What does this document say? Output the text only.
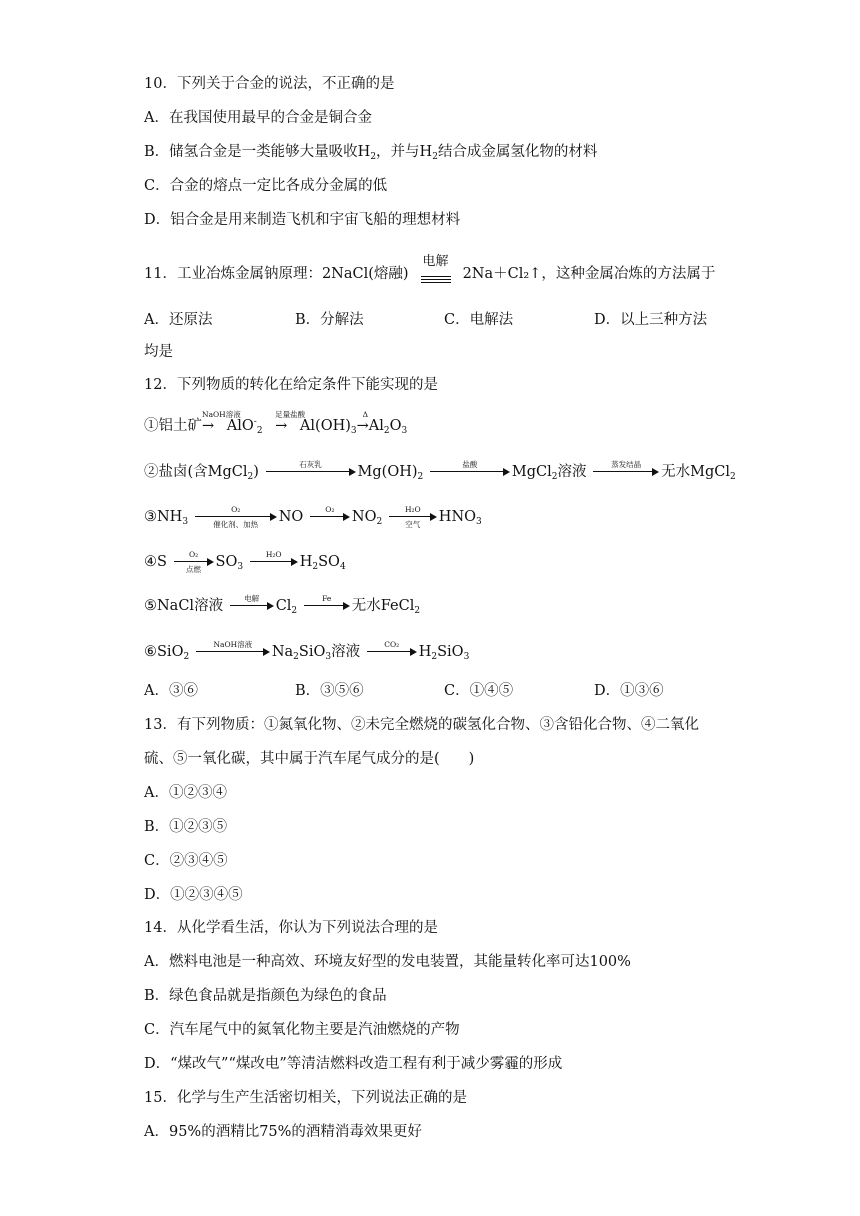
10．下列关于合金的说法，不正确的是
A．在我国使用最早的合金是铜合金
B．储氢合金是一类能够大量吸收$H_2$，并与$H_2$结合成金属氢化物的材料
C．合金的熔点一定比各成分金属的低
D．铝合金是用来制造飞机和宇宙飞船的理想材料
11．工业冶炼金属钠原理：2NaCl(熔融)
电解
2Na＋Cl₂↑，这种金属冶炼的方法属于
A．还原法	B．分解法	C．电解法	D．以上三种方法
均是
12．下列物质的转化在给定条件下能实现的是
①铝土矿
NaOH溶液
→ AlO-$_2$
足量盐酸
→ $Al(OH)_3$
Δ
$\to Al_2O_3$
②盐卤(含MgCl$_2$)	石灰乳	$Mg(OH)_2$
盐酸	MgCl$_2$溶液	蒸发结晶	无水MgCl$_2$
$③NH_3$
O₂
催化剂、加热	NO	O₂	$NO_2$
H₂O
空气	$HNO_3$
④S	O₂
点燃	$SO_3$
H₂O	$H_2SO_4$
⑤NaCl溶液	电解	$Cl_2$
Fe	无水FeCl$_2$
⑥SiO$_2$
NaOH溶液	$Na_2SiO_3$溶液	CO₂	$H_2SiO_3$
A．③⑥	B．③⑤⑥	C．①④⑤	D．①③⑥
13．有下列物质：①氮氧化物、②未完全燃烧的碳氢化合物、③含铅化合物、④二氧化
硫、⑤一氧化碳，其中属于汽车尾气成分的是(　　)
A．①②③④
B．①②③⑤
C．②③④⑤
D．①②③④⑤
14．从化学看生活，你认为下列说法合理的是
A．燃料电池是一种高效、环境友好型的发电装置，其能量转化率可达100%
B．绿色食品就是指颜色为绿色的食品
C．汽车尾气中的氮氧化物主要是汽油燃烧的产物
D．“煤改气”“煤改电”等清洁燃料改造工程有利于减少雾霾的形成
15．化学与生产生活密切相关，下列说法正确的是
A．95%的酒精比75%的酒精消毒效果更好
